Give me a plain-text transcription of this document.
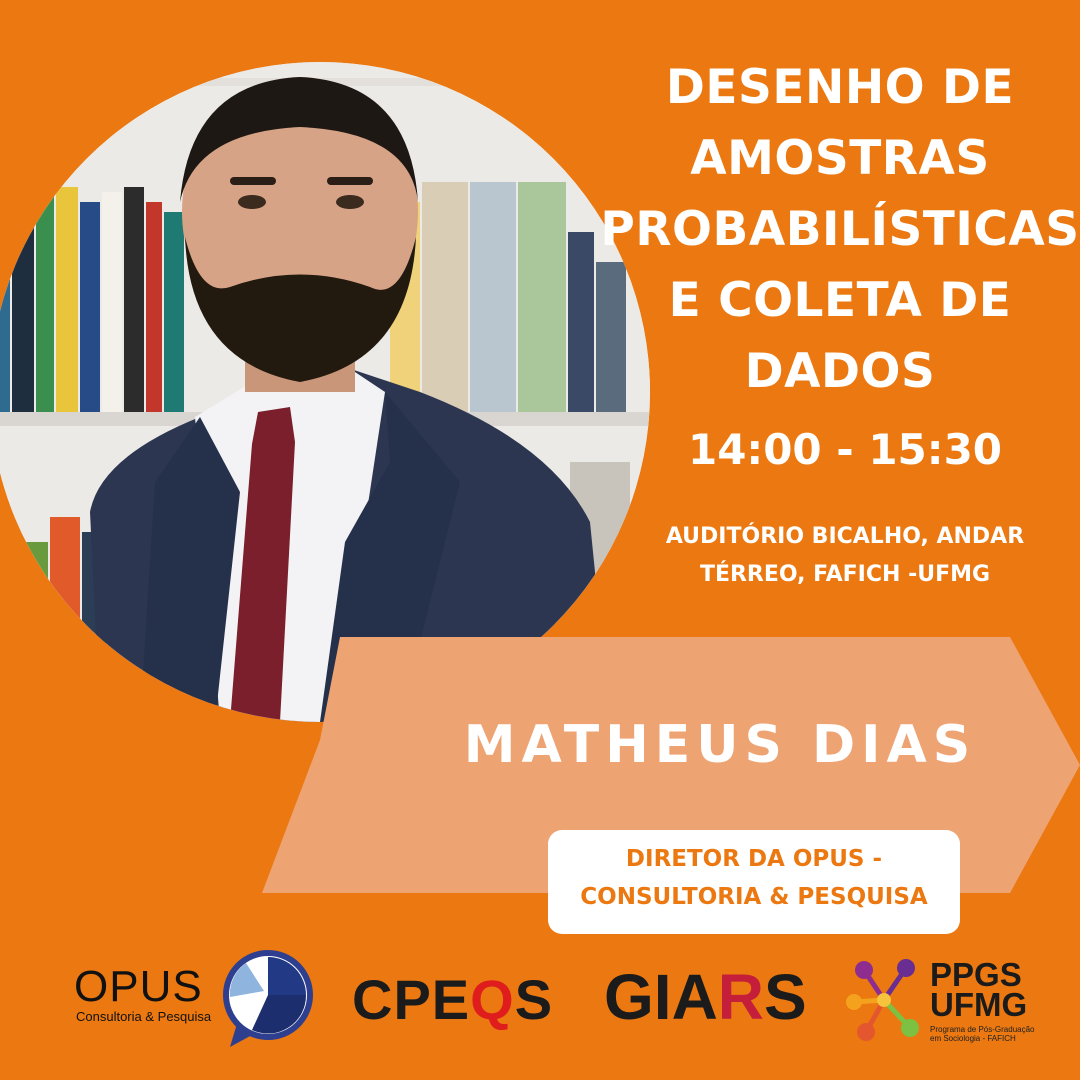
DESENHO DE
AMOSTRAS
PROBABILÍSTICAS
E COLETA DE
DADOS
14:00 - 15:30
AUDITÓRIO BICALHO, ANDAR
TÉRREO, FAFICH -UFMG
MATHEUS DIAS
DIRETOR DA OPUS -
CONSULTORIA & PESQUISA
OPUS
Consultoria & Pesquisa	CPEQS GIARS	PPGS
UFMG
Programa de Pós-Graduação
em Sociologia - FAFICH
